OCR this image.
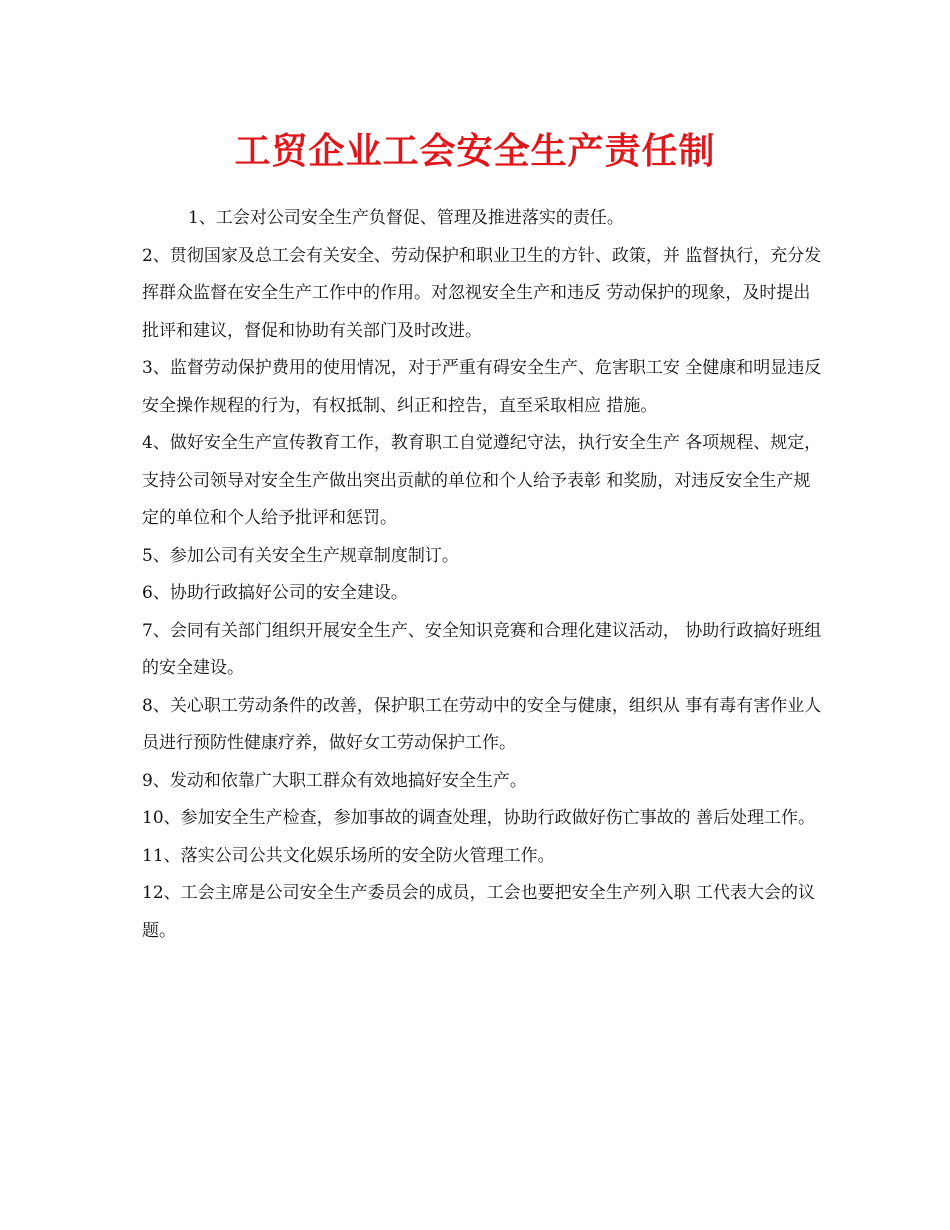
工贸企业工会安全生产责任制

1、工会对公司安全生产负督促、管理及推进落实的责任。

2、贯彻国家及总工会有关安全、劳动保护和职业卫生的方针、政策，并 监督执行，充分发挥群众监督在安全生产工作中的作用。对忽视安全生产和违反 劳动保护的现象，及时提出批评和建议，督促和协助有关部门及时改进。

3、监督劳动保护费用的使用情况，对于严重有碍安全生产、危害职工安 全健康和明显违反安全操作规程的行为，有权抵制、纠正和控告，直至采取相应 措施。

4、做好安全生产宣传教育工作，教育职工自觉遵纪守法，执行安全生产 各项规程、规定，支持公司领导对安全生产做出突出贡献的单位和个人给予表彰 和奖励，对违反安全生产规定的单位和个人给予批评和惩罚。

5、参加公司有关安全生产规章制度制订。

6、协助行政搞好公司的安全建设。

7、会同有关部门组织开展安全生产、安全知识竞赛和合理化建议活动， 协助行政搞好班组的安全建设。

8、关心职工劳动条件的改善，保护职工在劳动中的安全与健康，组织从 事有毒有害作业人员进行预防性健康疗养，做好女工劳动保护工作。

9、发动和依靠广大职工群众有效地搞好安全生产。

10、参加安全生产检查，参加事故的调查处理，协助行政做好伤亡事故的 善后处理工作。

11、落实公司公共文化娱乐场所的安全防火管理工作。

12、工会主席是公司安全生产委员会的成员，工会也要把安全生产列入职 工代表大会的议题。
